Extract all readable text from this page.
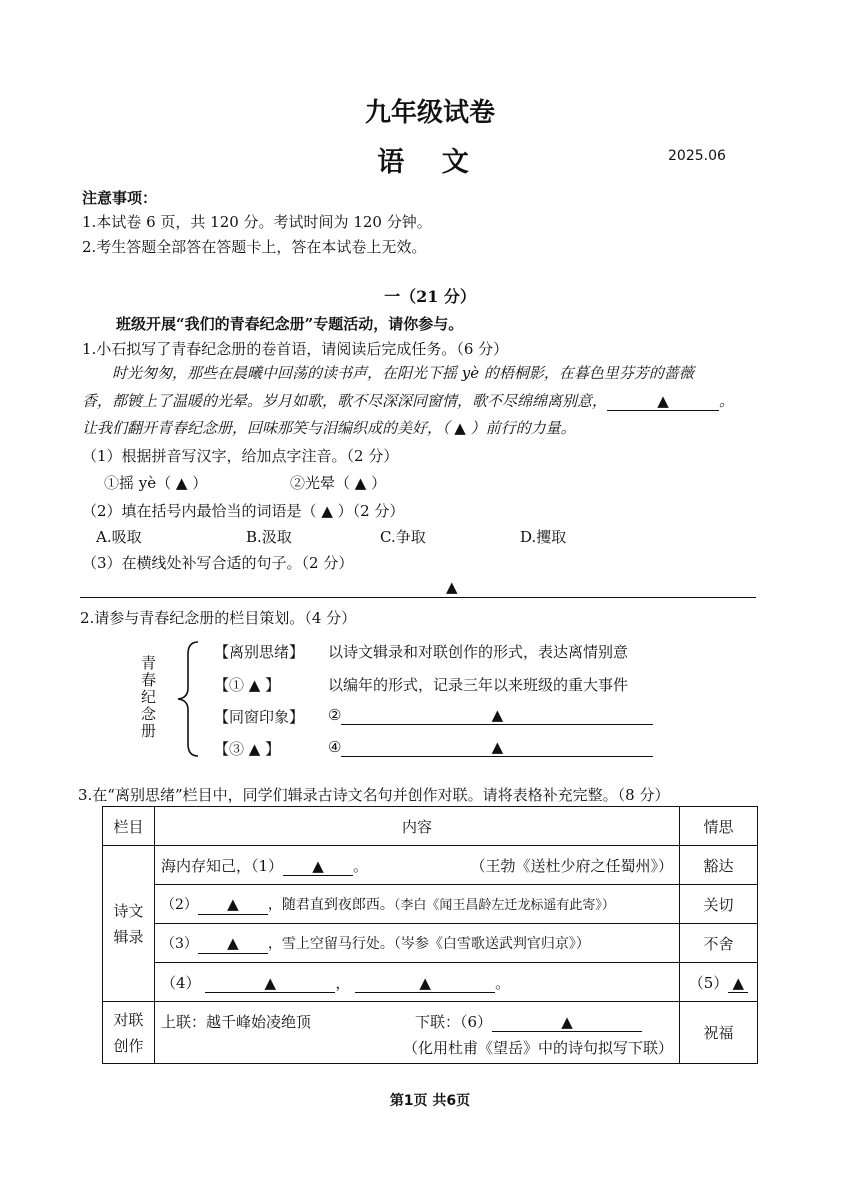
九年级试卷
语 文	2025.06
注意事项：
1.本试卷 6 页，共 120 分。考试时间为 120 分钟。
2.考生答题全部答在答题卡上，答在本试卷上无效。
一（21 分）
班级开展“我们的青春纪念册”专题活动，请你参与。
1.小石拟写了青春纪念册的卷首语，请阅读后完成任务。（6 分）
时光匆匆，那些在晨曦中回荡的读书声，在阳光下摇 yè 的梧桐影，在暮色里芬芳的蔷薇
香，都镀上了温暖的光晕。岁月如歌，歌不尽深深同窗情，歌不尽绵绵离别意，	▲	。
让我们翻开青春纪念册，回味那笑与泪编织成的美好，（ ▲ ）前行的力量。
（1）根据拼音写汉字，给加点字注音。（2 分）
①摇 yè（ ▲ ）	②光晕（ ▲ ）
（2）填在括号内最恰当的词语是（ ▲ ）（2 分）
A.吸取	B.汲取	C.争取	D.攫取
（3）在横线处补写合适的句子。（2 分）
▲
2.请参与青春纪念册的栏目策划。（4 分）
青春纪念册
【离别思绪】 以诗文辑录和对联创作的形式，表达离情别意
【① ▲ 】	以编年的形式，记录三年以来班级的重大事件
【同窗印象】 ②	▲
【③ ▲ 】	④	▲
3.在“离别思绪”栏目中，同学们辑录古诗文名句并创作对联。请将表格补充完整。（8 分）
栏目	内容	情思
诗文辑录	海内存知己，（1） ▲ 。 （王勃《送杜少府之任蜀州》）	豁达
	（2） ▲ ，随君直到夜郎西。（李白《闻王昌龄左迁龙标遥有此寄》）	关切
	（3） ▲ ，雪上空留马行处。（岑参《白雪歌送武判官归京》）	不舍
	（4） ▲ ， ▲ 。	（5） ▲
对联创作	上联：越千峰始凌绝顶 下联：（6） ▲
（化用杜甫《望岳》中的诗句拟写下联）	祝福
第1页 共6页
